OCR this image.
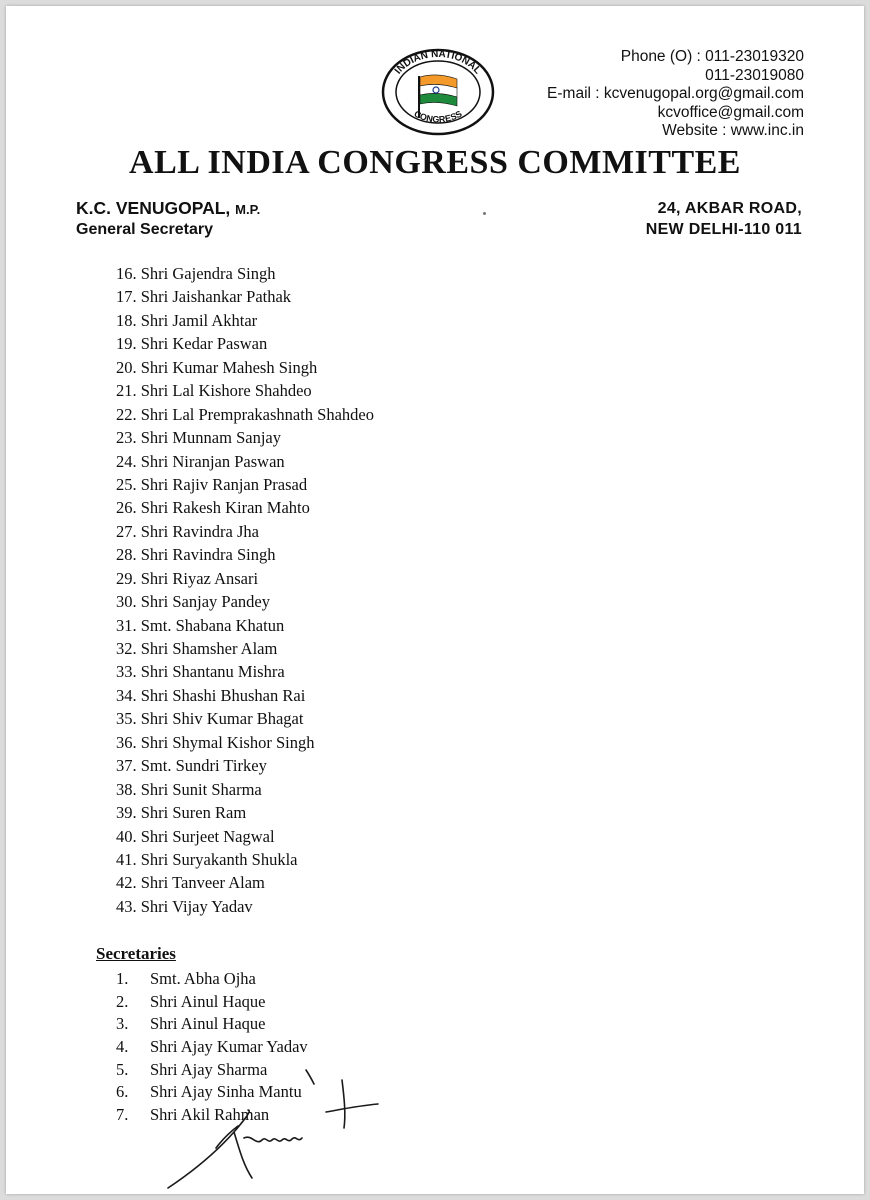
INDIAN NATIONAL
CONGRESS
Phone (O) : 011-23019320
011-23019080
E-mail : kcvenugopal.org@gmail.com
kcvoffice@gmail.com
Website : www.inc.in
ALL INDIA CONGRESS COMMITTEE
K.C. VENUGOPAL, M.P.
General Secretary
24, AKBAR ROAD,
NEW DELHI-110 011
16. Shri Gajendra Singh
17. Shri Jaishankar Pathak
18. Shri Jamil Akhtar
19. Shri Kedar Paswan
20. Shri Kumar Mahesh Singh
21. Shri Lal Kishore Shahdeo
22. Shri Lal Premprakashnath Shahdeo
23. Shri Munnam Sanjay
24. Shri Niranjan Paswan
25. Shri Rajiv Ranjan Prasad
26. Shri Rakesh Kiran Mahto
27. Shri Ravindra Jha
28. Shri Ravindra Singh
29. Shri Riyaz Ansari
30. Shri Sanjay Pandey
31. Smt. Shabana Khatun
32. Shri Shamsher Alam
33. Shri Shantanu Mishra
34. Shri Shashi Bhushan Rai
35. Shri Shiv Kumar Bhagat
36. Shri Shymal Kishor Singh
37. Smt. Sundri Tirkey
38. Shri Sunit Sharma
39. Shri Suren Ram
40. Shri Surjeet Nagwal
41. Shri Suryakanth Shukla
42. Shri Tanveer Alam
43. Shri Vijay Yadav
Secretaries
1. Smt. Abha Ojha
2. Shri Ainul Haque
3. Shri Ainul Haque
4. Shri Ajay Kumar Yadav
5. Shri Ajay Sharma
6. Shri Ajay Sinha Mantu
7. Shri Akil Rahman
